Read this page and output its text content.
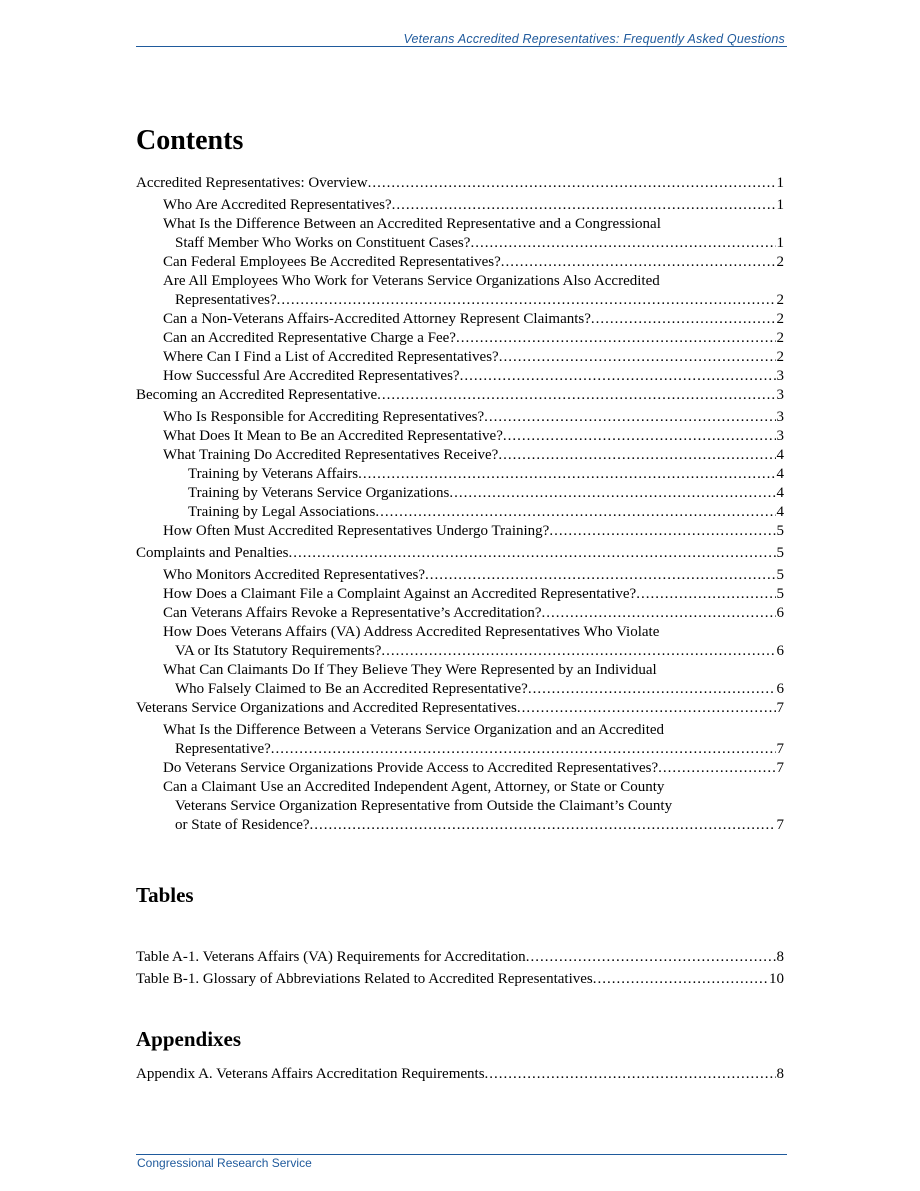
Veterans Accredited Representatives: Frequently Asked Questions
Contents
Accredited Representatives: Overview .....	1
Who Are Accredited Representatives? .....	1
What Is the Difference Between an Accredited Representative and a Congressional
Staff Member Who Works on Constituent Cases? .....	1
Can Federal Employees Be Accredited Representatives? .....	2
Are All Employees Who Work for Veterans Service Organizations Also Accredited
Representatives? .....	2
Can a Non-Veterans Affairs-Accredited Attorney Represent Claimants? .....	2
Can an Accredited Representative Charge a Fee? .....	2
Where Can I Find a List of Accredited Representatives? .....	2
How Successful Are Accredited Representatives? .....	3
Becoming an Accredited Representative .....	3
Who Is Responsible for Accrediting Representatives? .....	3
What Does It Mean to Be an Accredited Representative? .....	3
What Training Do Accredited Representatives Receive? .....	4
Training by Veterans Affairs .....	4
Training by Veterans Service Organizations .....	4
Training by Legal Associations .....	4
How Often Must Accredited Representatives Undergo Training? .....	5
Complaints and Penalties .....	5
Who Monitors Accredited Representatives? .....	5
How Does a Claimant File a Complaint Against an Accredited Representative? .....	5
Can Veterans Affairs Revoke a Representative’s Accreditation? .....	6
How Does Veterans Affairs (VA) Address Accredited Representatives Who Violate
VA or Its Statutory Requirements? .....	6
What Can Claimants Do If They Believe They Were Represented by an Individual
Who Falsely Claimed to Be an Accredited Representative? .....	6
Veterans Service Organizations and Accredited Representatives .....	7
What Is the Difference Between a Veterans Service Organization and an Accredited
Representative? .....	7
Do Veterans Service Organizations Provide Access to Accredited Representatives? .....	7
Can a Claimant Use an Accredited Independent Agent, Attorney, or State or County
Veterans Service Organization Representative from Outside the Claimant’s County
or State of Residence? .....	7
Tables
Table A-1. Veterans Affairs (VA) Requirements for Accreditation .....	8
Table B-1. Glossary of Abbreviations Related to Accredited Representatives .....	10
Appendixes
Appendix A. Veterans Affairs Accreditation Requirements .....	8
Congressional Research Service
